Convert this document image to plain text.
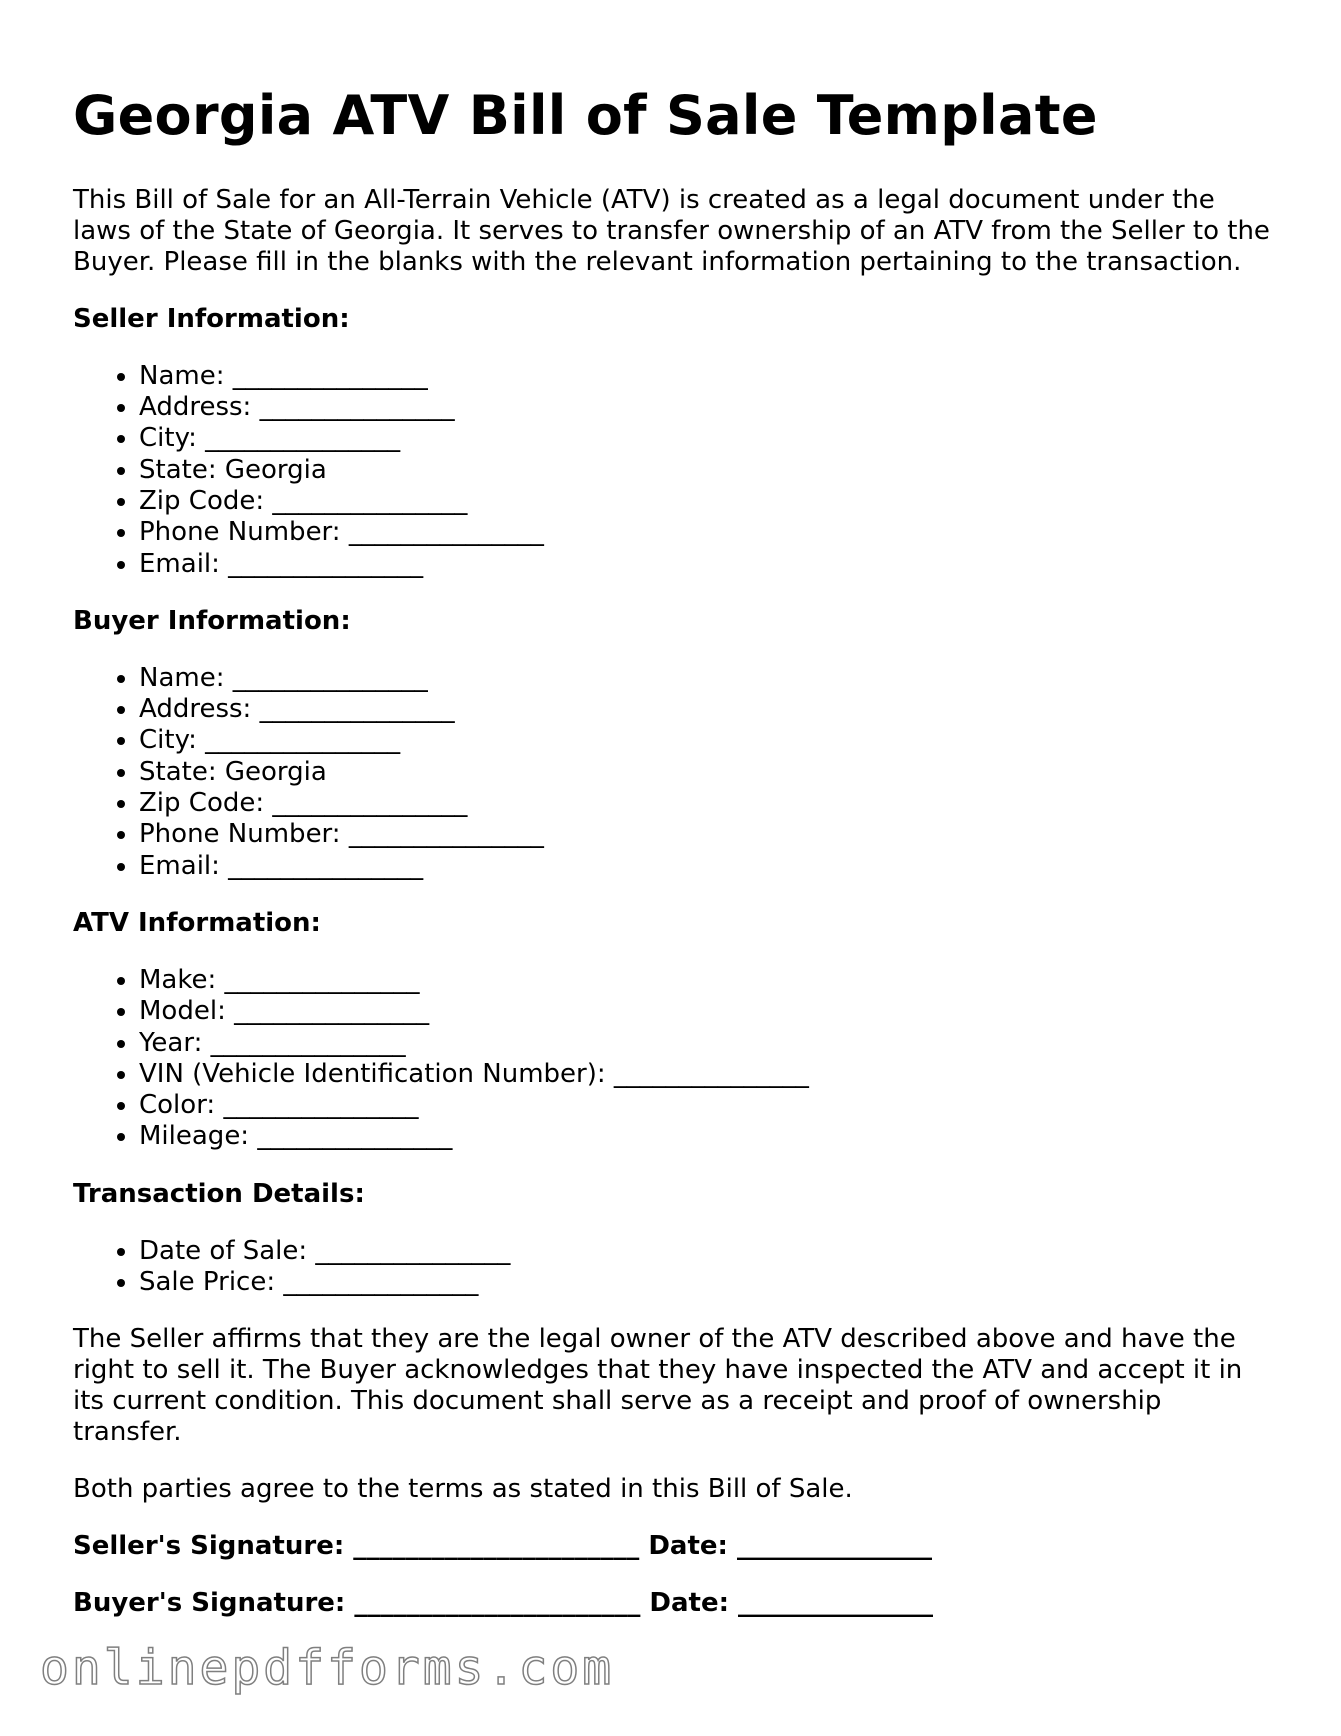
Georgia ATV Bill of Sale Template

This Bill of Sale for an All-Terrain Vehicle (ATV) is created as a legal document under the laws of the State of Georgia. It serves to transfer ownership of an ATV from the Seller to the Buyer. Please fill in the blanks with the relevant information pertaining to the transaction.

Seller Information:
• Name: _______________
• Address: _______________
• City: _______________
• State: Georgia
• Zip Code: _______________
• Phone Number: _______________
• Email: _______________
Buyer Information:
• Name: _______________
• Address: _______________
• City: _______________
• State: Georgia
• Zip Code: _______________
• Phone Number: _______________
• Email: _______________
ATV Information:
• Make: _______________
• Model: _______________
• Year: _______________
• VIN (Vehicle Identification Number): _______________
• Color: _______________
• Mileage: _______________
Transaction Details:
• Date of Sale: _______________
• Sale Price: _______________

The Seller affirms that they are the legal owner of the ATV described above and have the right to sell it. The Buyer acknowledges that they have inspected the ATV and accept it in its current condition. This document shall serve as a receipt and proof of ownership transfer.

Both parties agree to the terms as stated in this Bill of Sale.

Seller's Signature: ______________________ Date: _______________
Buyer's Signature: ______________________ Date: _______________
onlinepdfforms.com
